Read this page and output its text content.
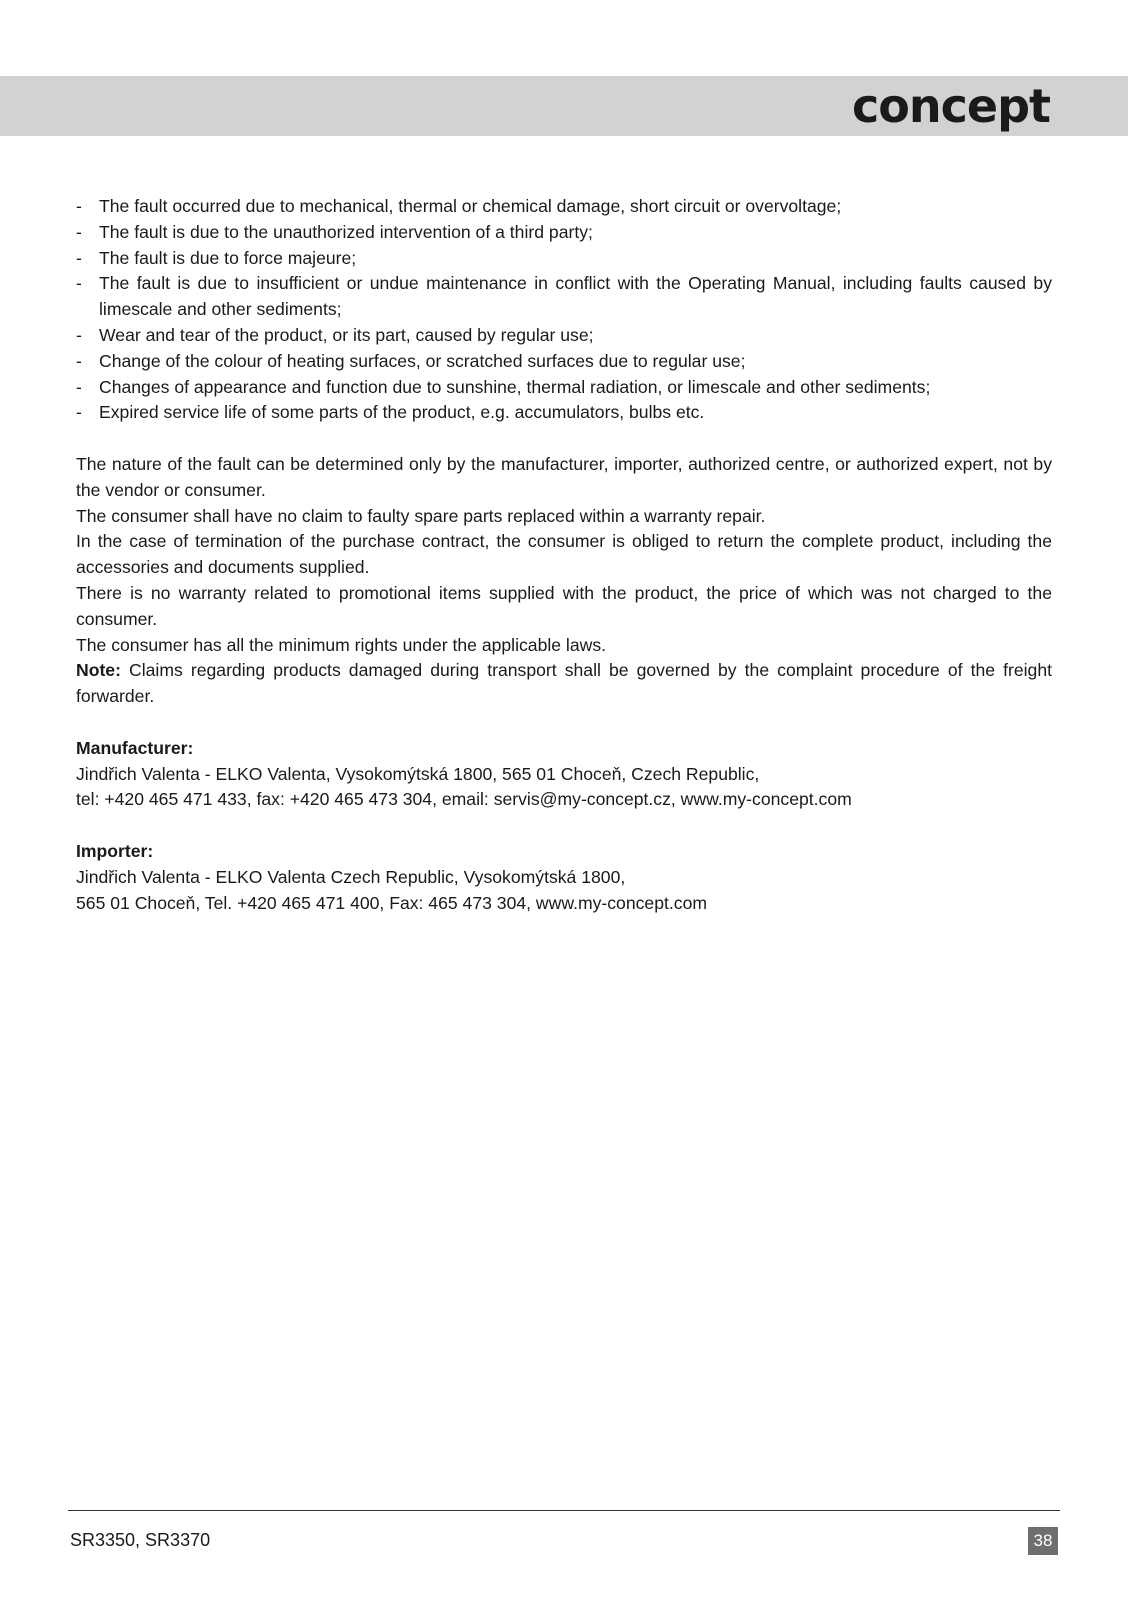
concept
- The fault occurred due to mechanical, thermal or chemical damage, short circuit or overvoltage;
- The fault is due to the unauthorized intervention of a third party;
- The fault is due to force majeure;
- The fault is due to insufficient or undue maintenance in conflict with the Operating Manual, including faults caused by limescale and other sediments;
- Wear and tear of the product, or its part, caused by regular use;
- Change of the colour of heating surfaces, or scratched surfaces due to regular use;
- Changes of appearance and function due to sunshine, thermal radiation, or limescale and other sediments;
- Expired service life of some parts of the product, e.g. accumulators, bulbs etc.

The nature of the fault can be determined only by the manufacturer, importer, authorized centre, or authorized expert, not by the vendor or consumer.

The consumer shall have no claim to faulty spare parts replaced within a warranty repair.

In the case of termination of the purchase contract, the consumer is obliged to return the complete product, including the accessories and documents supplied.

There is no warranty related to promotional items supplied with the product, the price of which was not charged to the consumer.

The consumer has all the minimum rights under the applicable laws.

Note: Claims regarding products damaged during transport shall be governed by the complaint procedure of the freight forwarder.

Manufacturer:

Jindřich Valenta - ELKO Valenta, Vysokomýtská 1800, 565 01 Choceň, Czech Republic,

tel: +420 465 471 433, fax: +420 465 473 304, email: servis@my-concept.cz, www.my-concept.com

Importer:

Jindřich Valenta - ELKO Valenta Czech Republic, Vysokomýtská 1800,

565 01 Choceň, Tel. +420 465 471 400, Fax: 465 473 304, www.my-concept.com

SR3350, SR3370	38
